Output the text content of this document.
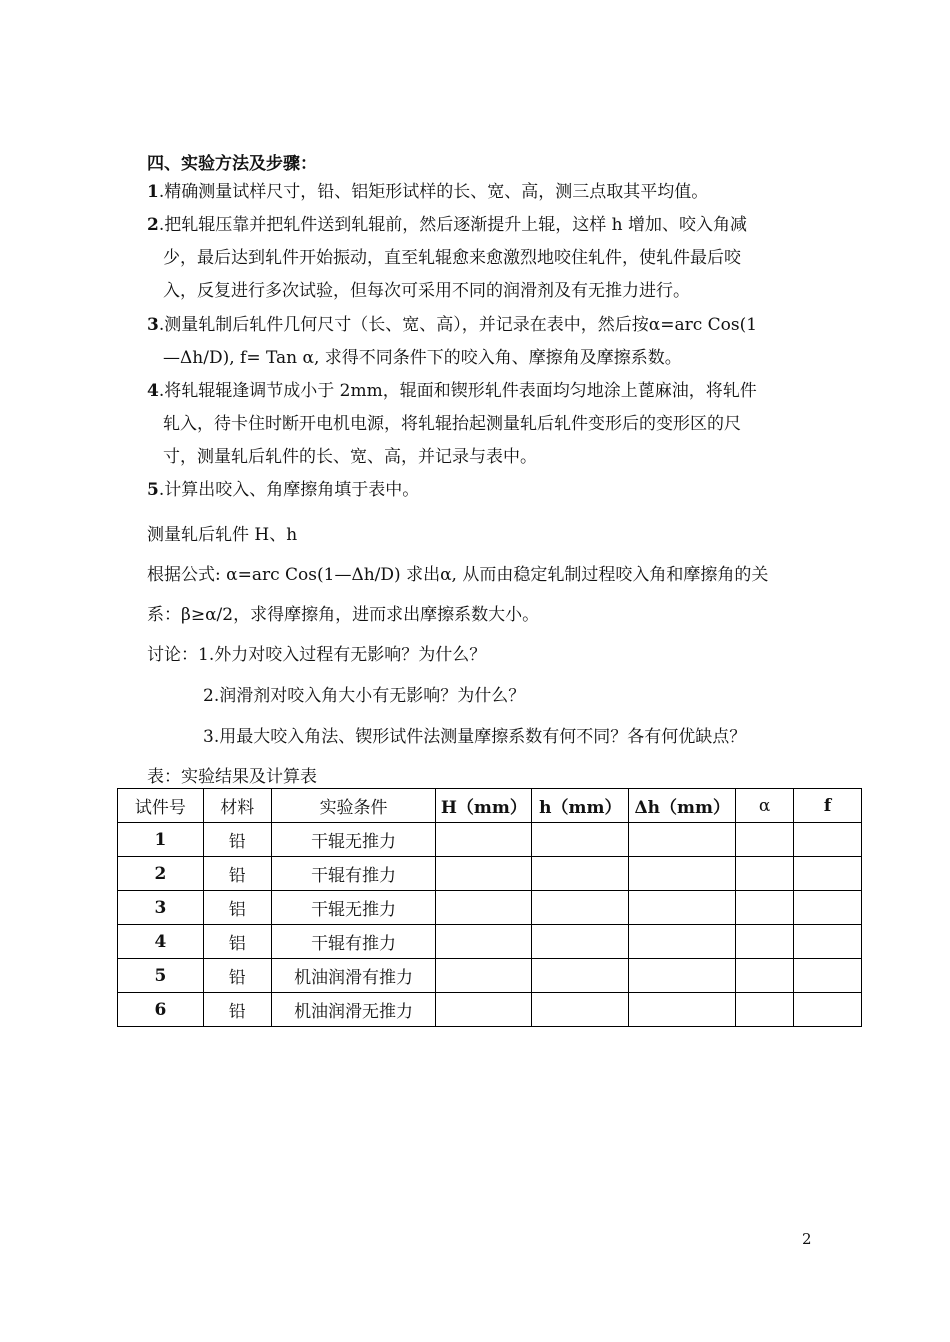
四、实验方法及步骤：
1.精确测量试样尺寸，铅、铝矩形试样的长、宽、高，测三点取其平均值。
2.把轧辊压靠并把轧件送到轧辊前，然后逐渐提升上辊，这样 h 增加、咬入角减
少，最后达到轧件开始振动，直至轧辊愈来愈激烈地咬住轧件，使轧件最后咬
入，反复进行多次试验，但每次可采用不同的润滑剂及有无推力进行。
3.测量轧制后轧件几何尺寸（长、宽、高），并记录在表中，然后按α=arc Cos(1
—Δh/D), f= Tan α, 求得不同条件下的咬入角、摩擦角及摩擦系数。
4.将轧辊辊逢调节成小于 2mm，辊面和锲形轧件表面均匀地涂上蓖麻油，将轧件
轧入，待卡住时断开电机电源，将轧辊抬起测量轧后轧件变形后的变形区的尺
寸，测量轧后轧件的长、宽、高，并记录与表中。
5.计算出咬入、角摩擦角填于表中。
测量轧后轧件 H、h
根据公式: α=arc Cos(1—Δh/D) 求出α, 从而由稳定轧制过程咬入角和摩擦角的关
系：β≥α/2，求得摩擦角，进而求出摩擦系数大小。
讨论：1.外力对咬入过程有无影响？为什么？
2.润滑剂对咬入角大小有无影响？为什么？
3.用最大咬入角法、锲形试件法测量摩擦系数有何不同？各有何优缺点？
表：实验结果及计算表
试件号	材料	实验条件	H（mm）	h（mm）	Δh（mm）	α	f
1	铅	干辊无推力					
2	铅	干辊有推力					
3	铝	干辊无推力					
4	铝	干辊有推力					
5	铅	机油润滑有推力					
6	铅	机油润滑无推力					
2
